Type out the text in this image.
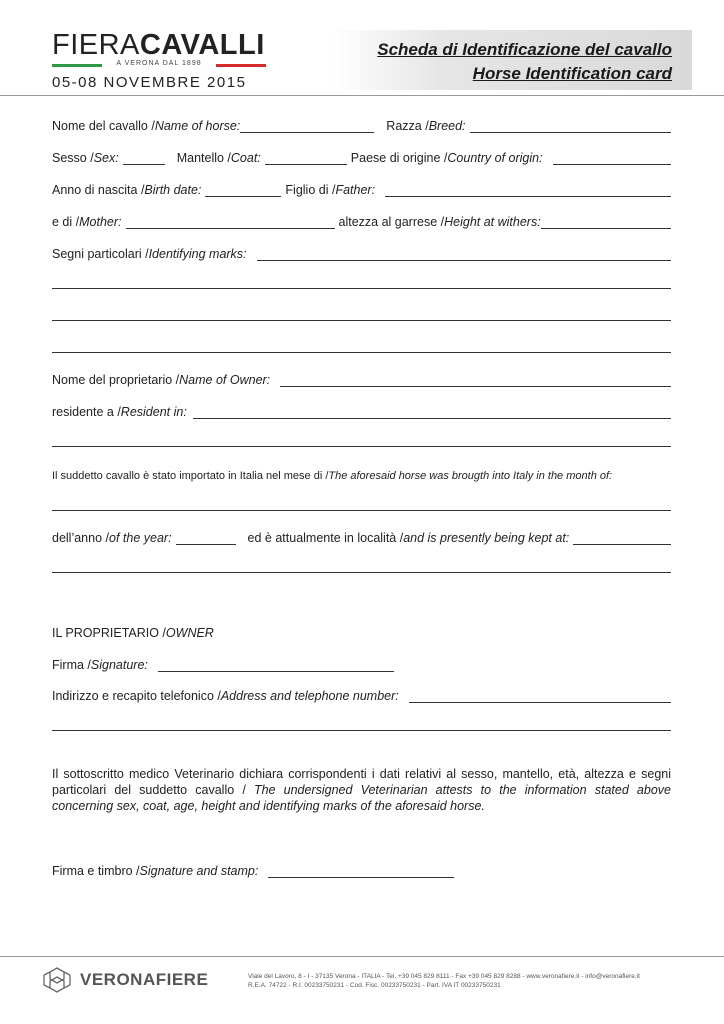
FIERACAVALLI
A VERONA DAL 1898
05-08 NOVEMBRE 2015
Scheda di Identificazione del cavallo
Horse Identification card
Nome del cavallo / Name of horse:	Razza / Breed:
Sesso / Sex:	Mantello / Coat:	Paese di origine / Country of origin:
Anno di nascita / Birth date:	Figlio di / Father:
e di / Mother:	altezza al garrese / Height at withers:
Segni particolari / Identifying marks:
Nome del proprietario / Name of Owner:
residente a / Resident in:
Il suddetto cavallo è stato importato in Italia nel mese di / The aforesaid horse was brougth into Italy in the month of:
dell’anno / of the year:	ed è attualmente in località / and is presently being kept at:
IL PROPRIETARIO / OWNER
Firma / Signature:
Indirizzo e recapito telefonico / Address and telephone number:
Il sottoscritto medico Veterinario dichiara corrispondenti i dati relativi al sesso, mantello, età, altezza e segni particolari del suddetto cavallo / The undersigned Veterinarian attests to the information stated above concerning sex, coat, age, height and identifying marks of the aforesaid horse.
Firma e timbro / Signature and stamp:
VERONAFIERE	Viale del Lavoro, 8 - I - 37135 Verona - ITALIA - Tel. +39 045 829 8111 - Fax +39 045 829 8288 - www.veronafiere.it - info@veronafiere.it
R.E.A. 74722 - R.I. 00233750231 - Cod. Fisc. 00233750231 - Part. IVA IT 00233750231
